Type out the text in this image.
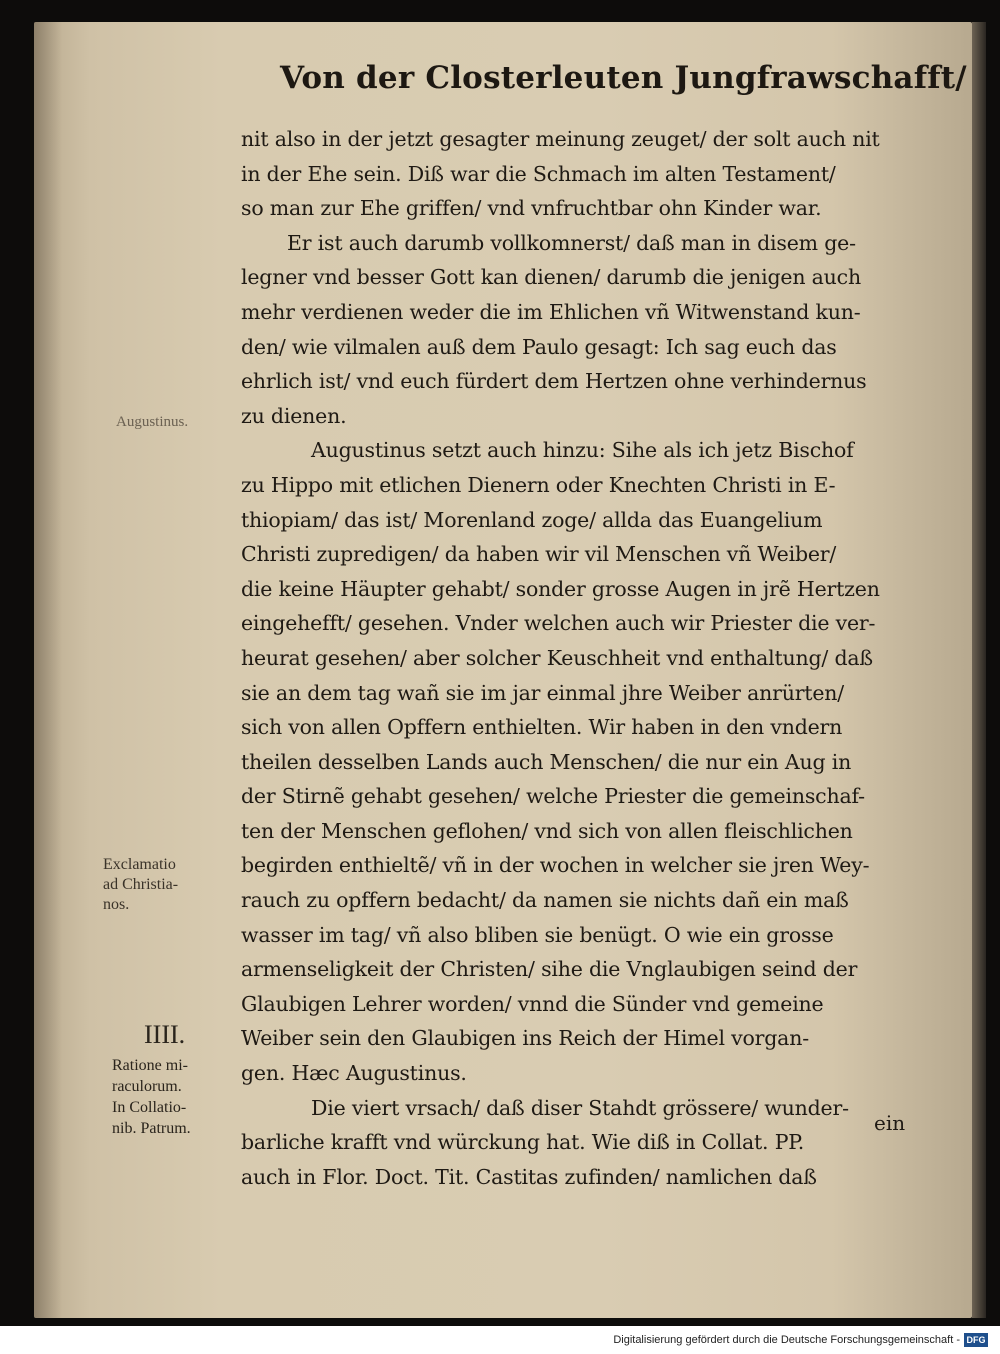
Von der Closterleuten Jungfrawschafft/
nit also in der jetzt gesagter meinung zeuget/ der solt auch nit
in der Ehe sein. Diß war die Schmach im alten Testament/
so man zur Ehe griffen/ vnd vnfruchtbar ohn Kinder war.
Er ist auch darumb vollkomnerst/ daß man in disem ge-
legner vnd besser Gott kan dienen/ darumb die jenigen auch
mehr verdienen weder die im Ehlichen vñ Witwenstand kun-
den/ wie vilmalen auß dem Paulo gesagt: Ich sag euch das
ehrlich ist/ vnd euch fürdert dem Hertzen ohne verhindernus
zu dienen.
Augustinus setzt auch hinzu: Sihe als ich jetz Bischof
zu Hippo mit etlichen Dienern oder Knechten Christi in E-
thiopiam/ das ist/ Morenland zoge/ allda das Euangelium
Christi zupredigen/ da haben wir vil Menschen vñ Weiber/
die keine Häupter gehabt/ sonder grosse Augen in jrẽ Hertzen
eingehefft/ gesehen. Vnder welchen auch wir Priester die ver-
heurat gesehen/ aber solcher Keuschheit vnd enthaltung/ daß
sie an dem tag wañ sie im jar einmal jhre Weiber anrürten/
sich von allen Opffern enthielten. Wir haben in den vndern
theilen desselben Lands auch Menschen/ die nur ein Aug in
der Stirnẽ gehabt gesehen/ welche Priester die gemeinschaf-
ten der Menschen geflohen/ vnd sich von allen fleischlichen
begirden enthieltẽ/ vñ in der wochen in welcher sie jren Wey-
rauch zu opffern bedacht/ da namen sie nichts dañ ein maß
wasser im tag/ vñ also bliben sie benügt. O wie ein grosse
armenseligkeit der Christen/ sihe die Vnglaubigen seind der
Glaubigen Lehrer worden/ vnnd die Sünder vnd gemeine
Weiber sein den Glaubigen ins Reich der Himel vorgan-
gen. Hæc Augustinus.
Die viert vrsach/ daß diser Stahdt grössere/ wunder-
barliche krafft vnd würckung hat. Wie diß in Collat. PP.
auch in Flor. Doct. Tit. Castitas zufinden/ namlichen daß
ein
Augustinus.
Exclamatio
ad Christia-
nos.
IIII.
Ratione mi-
raculorum.
In Collatio-
nib. Patrum.
Digitalisierung gefördert durch die Deutsche Forschungsgemeinschaft - DFG
